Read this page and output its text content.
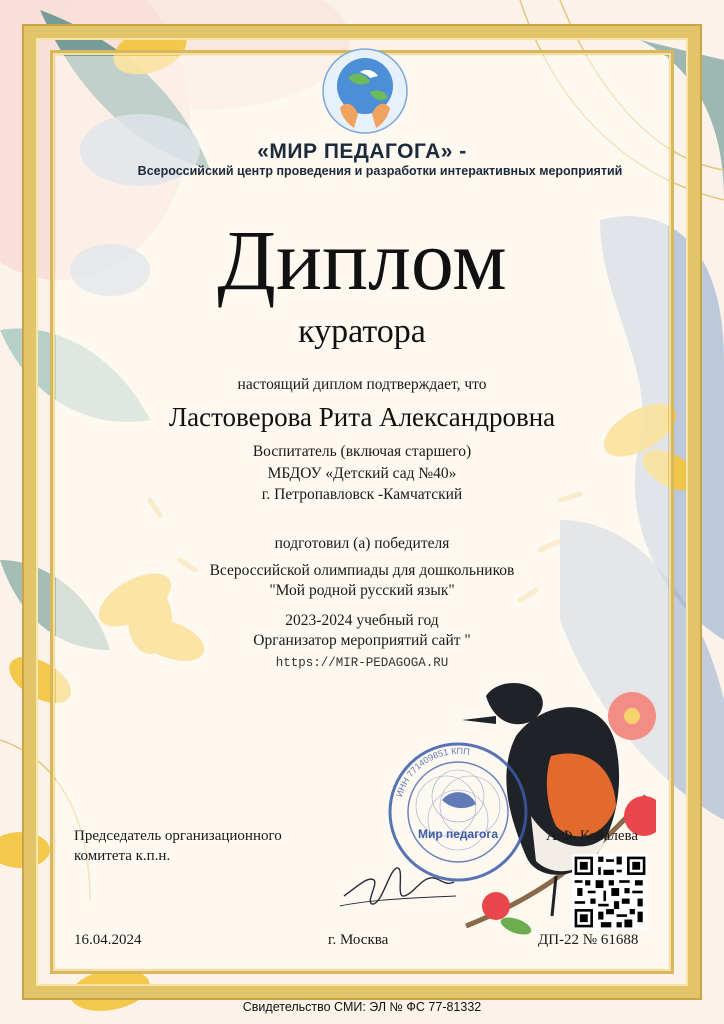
«МИР ПЕДАГОГА» -
Всероссийский центр проведения и разработки интерактивных мероприятий
Диплом
куратора
настоящий диплом подтверждает, что
Ластоверова Рита Александровна
Воспитатель (включая старшего)
МБДОУ «Детский сад №40»
г. Петропавловск -Камчатский
подготовил (а) победителя
Всероссийской олимпиады для дошкольников
"Мой родной русский язык"
2023-2024 учебный год
Организатор мероприятий сайт "
https://MIR-PEDAGOGA.RU
Мир педагога
ИНН 771409851 КПП
Председатель организационного
комитета к.п.н.
А.Ф. Ковалева
16.04.2024	г. Москва	ДП-22 № 61688
Свидетельство СМИ: ЭЛ № ФС 77-81332
